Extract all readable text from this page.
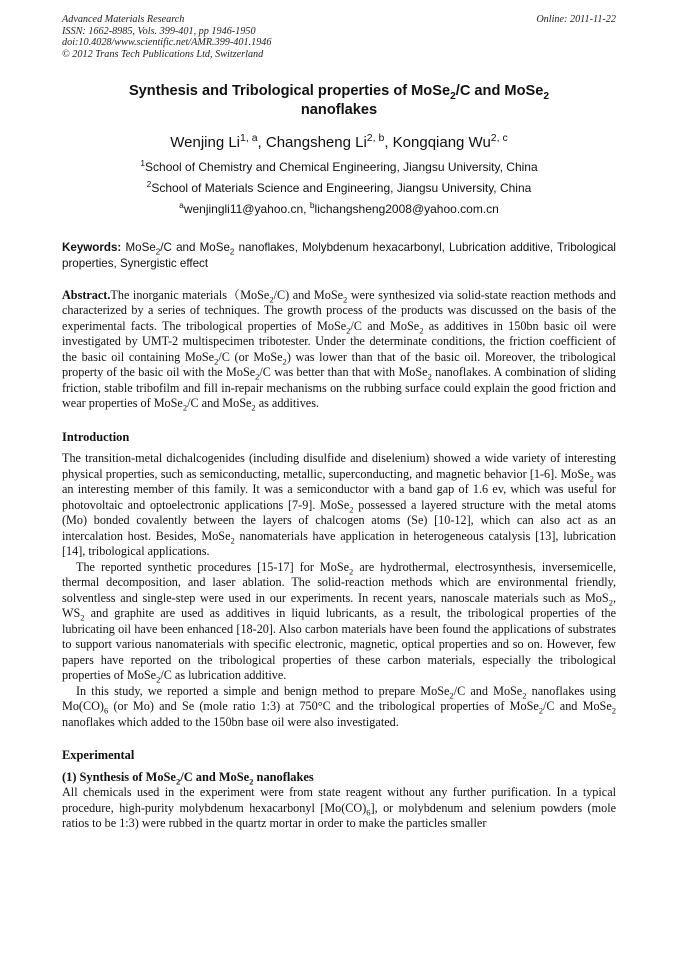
Advanced Materials Research
ISSN: 1662-8985, Vols. 399-401, pp 1946-1950
doi:10.4028/www.scientific.net/AMR.399-401.1946
© 2012 Trans Tech Publications Ltd, Switzerland
Online: 2011-11-22
Synthesis and Tribological properties of MoSe$_2$/C and MoSe$_2$ nanoflakes
Wenjing Li$^{1, a}$, Changsheng Li$^{2, b}$, Kongqiang Wu$^{2, c}$
$^1$School of Chemistry and Chemical Engineering, Jiangsu University, China
$^2$School of Materials Science and Engineering, Jiangsu University, China
$^a$wenjingli11@yahoo.cn, $^b$lichangsheng2008@yahoo.com.cn
Keywords: MoSe$_2$/C and MoSe$_2$ nanoflakes, Molybdenum hexacarbonyl, Lubrication additive, Tribological properties, Synergistic effect

Abstract.The inorganic materials（MoSe$_2$/C) and MoSe$_2$ were synthesized via solid-state reaction methods and characterized by a series of techniques. The growth process of the products was discussed on the basis of the experimental facts. The tribological properties of MoSe$_2$/C and MoSe$_2$ as additives in 150bn basic oil were investigated by UMT-2 multispecimen tribotester. Under the determinate conditions, the friction coefficient of the basic oil containing MoSe$_2$/C (or MoSe$_2$) was lower than that of the basic oil. Moreover, the tribological property of the basic oil with the MoSe$_2$/C was better than that with MoSe$_2$ nanoflakes. A combination of sliding friction, stable tribofilm and fill in-repair mechanisms on the rubbing surface could explain the good friction and wear properties of MoSe$_2$/C and MoSe$_2$ as additives.

Introduction

The transition-metal dichalcogenides (including disulfide and diselenium) showed a wide variety of interesting physical properties, such as semiconducting, metallic, superconducting, and magnetic behavior [1-6]. MoSe$_2$ was an interesting member of this family. It was a semiconductor with a band gap of 1.6 ev, which was useful for photovoltaic and optoelectronic applications [7-9]. MoSe$_2$ possessed a layered structure with the metal atoms (Mo) bonded covalently between the layers of chalcogen atoms (Se) [10-12], which can also act as an intercalation host. Besides, MoSe$_2$ nanomaterials have application in heterogeneous catalysis [13], lubrication [14], tribological applications.

The reported synthetic procedures [15-17] for MoSe$_2$ are hydrothermal, electrosynthesis, inversemicelle, thermal decomposition, and laser ablation. The solid-reaction methods which are environmental friendly, solventless and single-step were used in our experiments. In recent years, nanoscale materials such as MoS$_2$, $WS_2$ and graphite are used as additives in liquid lubricants, as a result, the tribological properties of the lubricating oil have been enhanced [18-20]. Also carbon materials have been found the applications of substrates to support various nanomaterials with specific electronic, magnetic, optical properties and so on. However, few papers have reported on the tribological properties of these carbon materials, especially the tribological properties of MoSe$_2$/C as lubrication additive.

In this study, we reported a simple and benign method to prepare MoSe$_2$/C and MoSe$_2$ nanoflakes using $Mo(CO)_6$ (or Mo) and Se (mole ratio 1:3) at 750°C and the tribological properties of MoSe$_2$/C and MoSe$_2$ nanoflakes which added to the 150bn base oil were also investigated.

Experimental

(1) Synthesis of MoSe$_2$/C and MoSe$_2$ nanoflakes

All chemicals used in the experiment were from state reagent without any further purification. In a typical procedure, high-purity molybdenum hexacarbonyl $[Mo(CO)_6]$, or molybdenum and selenium powders (mole ratios to be 1:3) were rubbed in the quartz mortar in order to make the particles smaller
